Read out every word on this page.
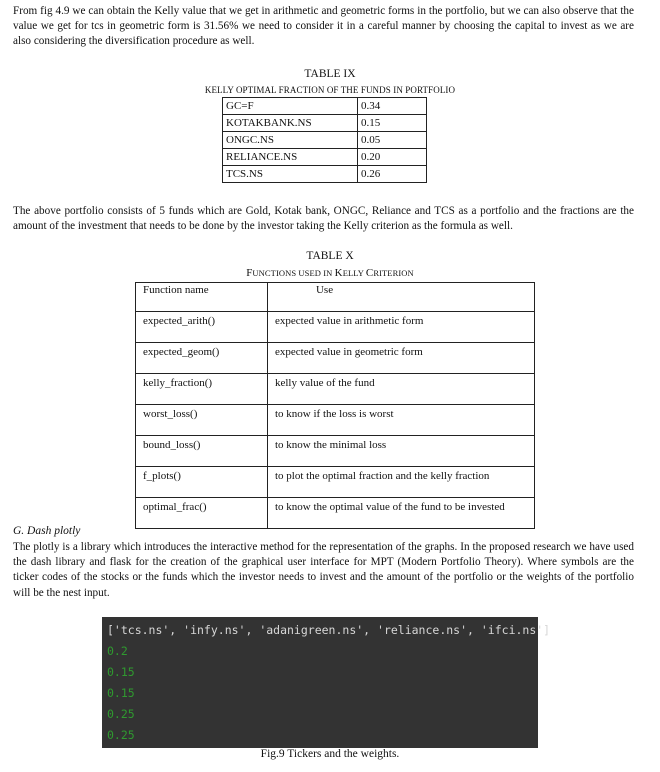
From fig 4.9 we can obtain the Kelly value that we get in arithmetic and geometric forms in the portfolio, but we can also observe that the value we get for tcs in geometric form is 31.56% we need to consider it in a careful manner by choosing the capital to invest as we are also considering the diversification procedure as well.

TABLE IX
KELLY OPTIMAL FRACTION OF THE FUNDS IN PORTFOLIO
GC=F	0.34
KOTAKBANK.NS	0.15
ONGC.NS	0.05
RELIANCE.NS	0.20
TCS.NS	0.26

The above portfolio consists of 5 funds which are Gold, Kotak bank, ONGC, Reliance and TCS as a portfolio and the fractions are the amount of the investment that needs to be done by the investor taking the Kelly criterion as the formula as well.

TABLE X
FUNCTIONS USED IN KELLY CRITERION
Function name	Use
expected_arith()	expected value in arithmetic form
expected_geom()	expected value in geometric form
kelly_fraction()	kelly value of the fund
worst_loss()	to know if the loss is worst
bound_loss()	to know the minimal loss
f_plots()	to plot the optimal fraction and the kelly fraction
optimal_frac()	to know the optimal value of the fund to be invested
G. Dash plotly

The plotly is a library which introduces the interactive method for the representation of the graphs. In the proposed research we have used the dash library and flask for the creation of the graphical user interface for MPT (Modern Portfolio Theory). Where symbols are the ticker codes of the stocks or the funds which the investor needs to invest and the amount of the portfolio or the weights of the portfolio will be the nest input.

['tcs.ns', 'infy.ns', 'adanigreen.ns', 'reliance.ns', 'ifci.ns']
0.2
0.15
0.15
0.25
0.25
Fig.9 Tickers and the weights.
